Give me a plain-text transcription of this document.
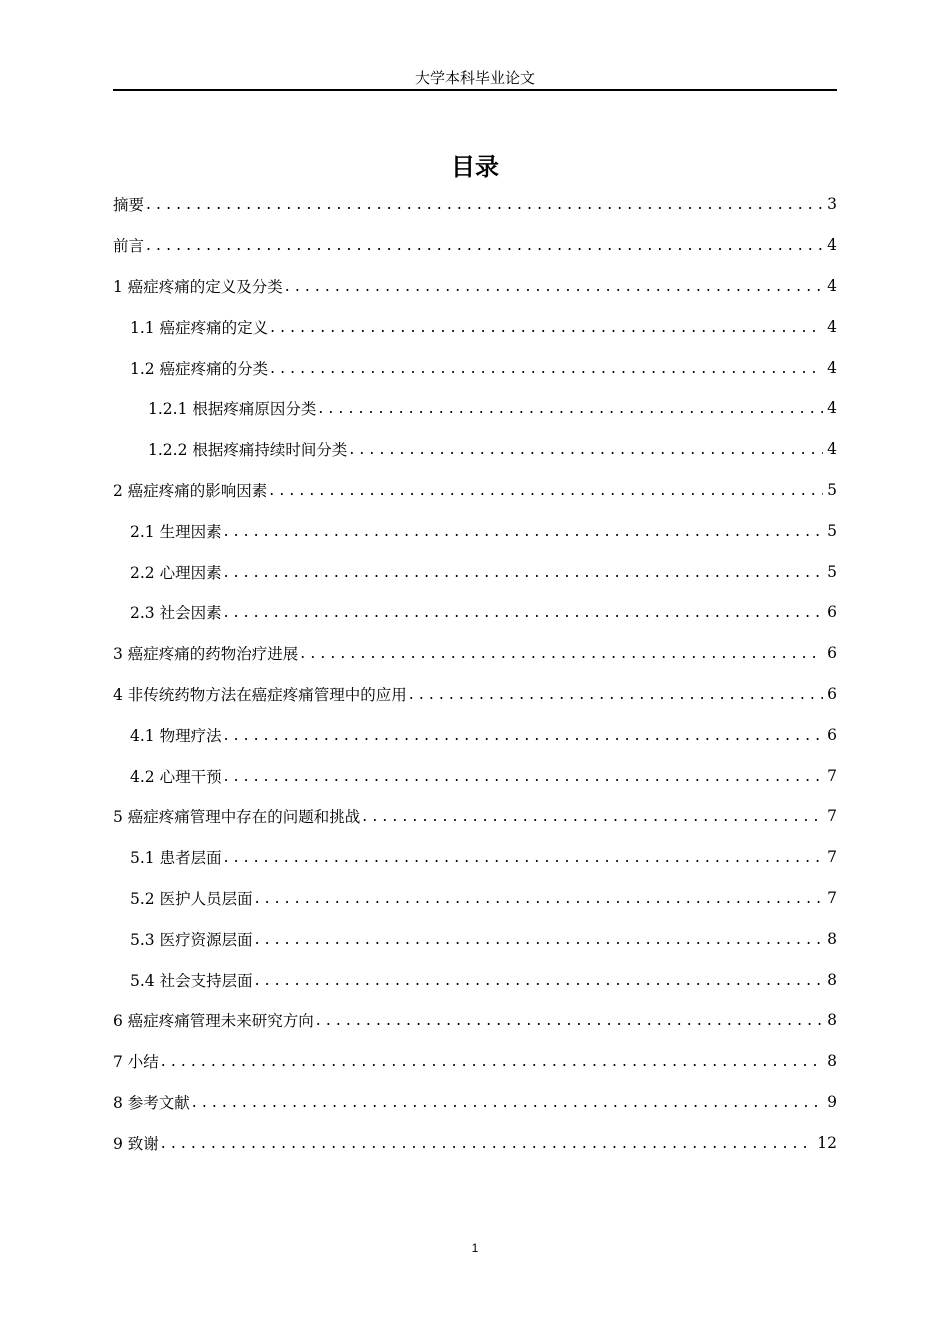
大学本科毕业论文
目录
摘要 .....	3
前言 .....	4
1 癌症疼痛的定义及分类 .....	4
1.1 癌症疼痛的定义 .....	4
1.2 癌症疼痛的分类 .....	4
1.2.1 根据疼痛原因分类 .....	4
1.2.2 根据疼痛持续时间分类 .....	4
2 癌症疼痛的影响因素 .....	5
2.1 生理因素 .....	5
2.2 心理因素 .....	5
2.3 社会因素 .....	6
3 癌症疼痛的药物治疗进展 .....	6
4 非传统药物方法在癌症疼痛管理中的应用 .....	6
4.1 物理疗法 .....	6
4.2 心理干预 .....	7
5 癌症疼痛管理中存在的问题和挑战 .....	7
5.1 患者层面 .....	7
5.2 医护人员层面 .....	7
5.3 医疗资源层面 .....	8
5.4 社会支持层面 .....	8
6 癌症疼痛管理未来研究方向 .....	8
7 小结 .....	8
8 参考文献 .....	9
9 致谢 .....	12
1
